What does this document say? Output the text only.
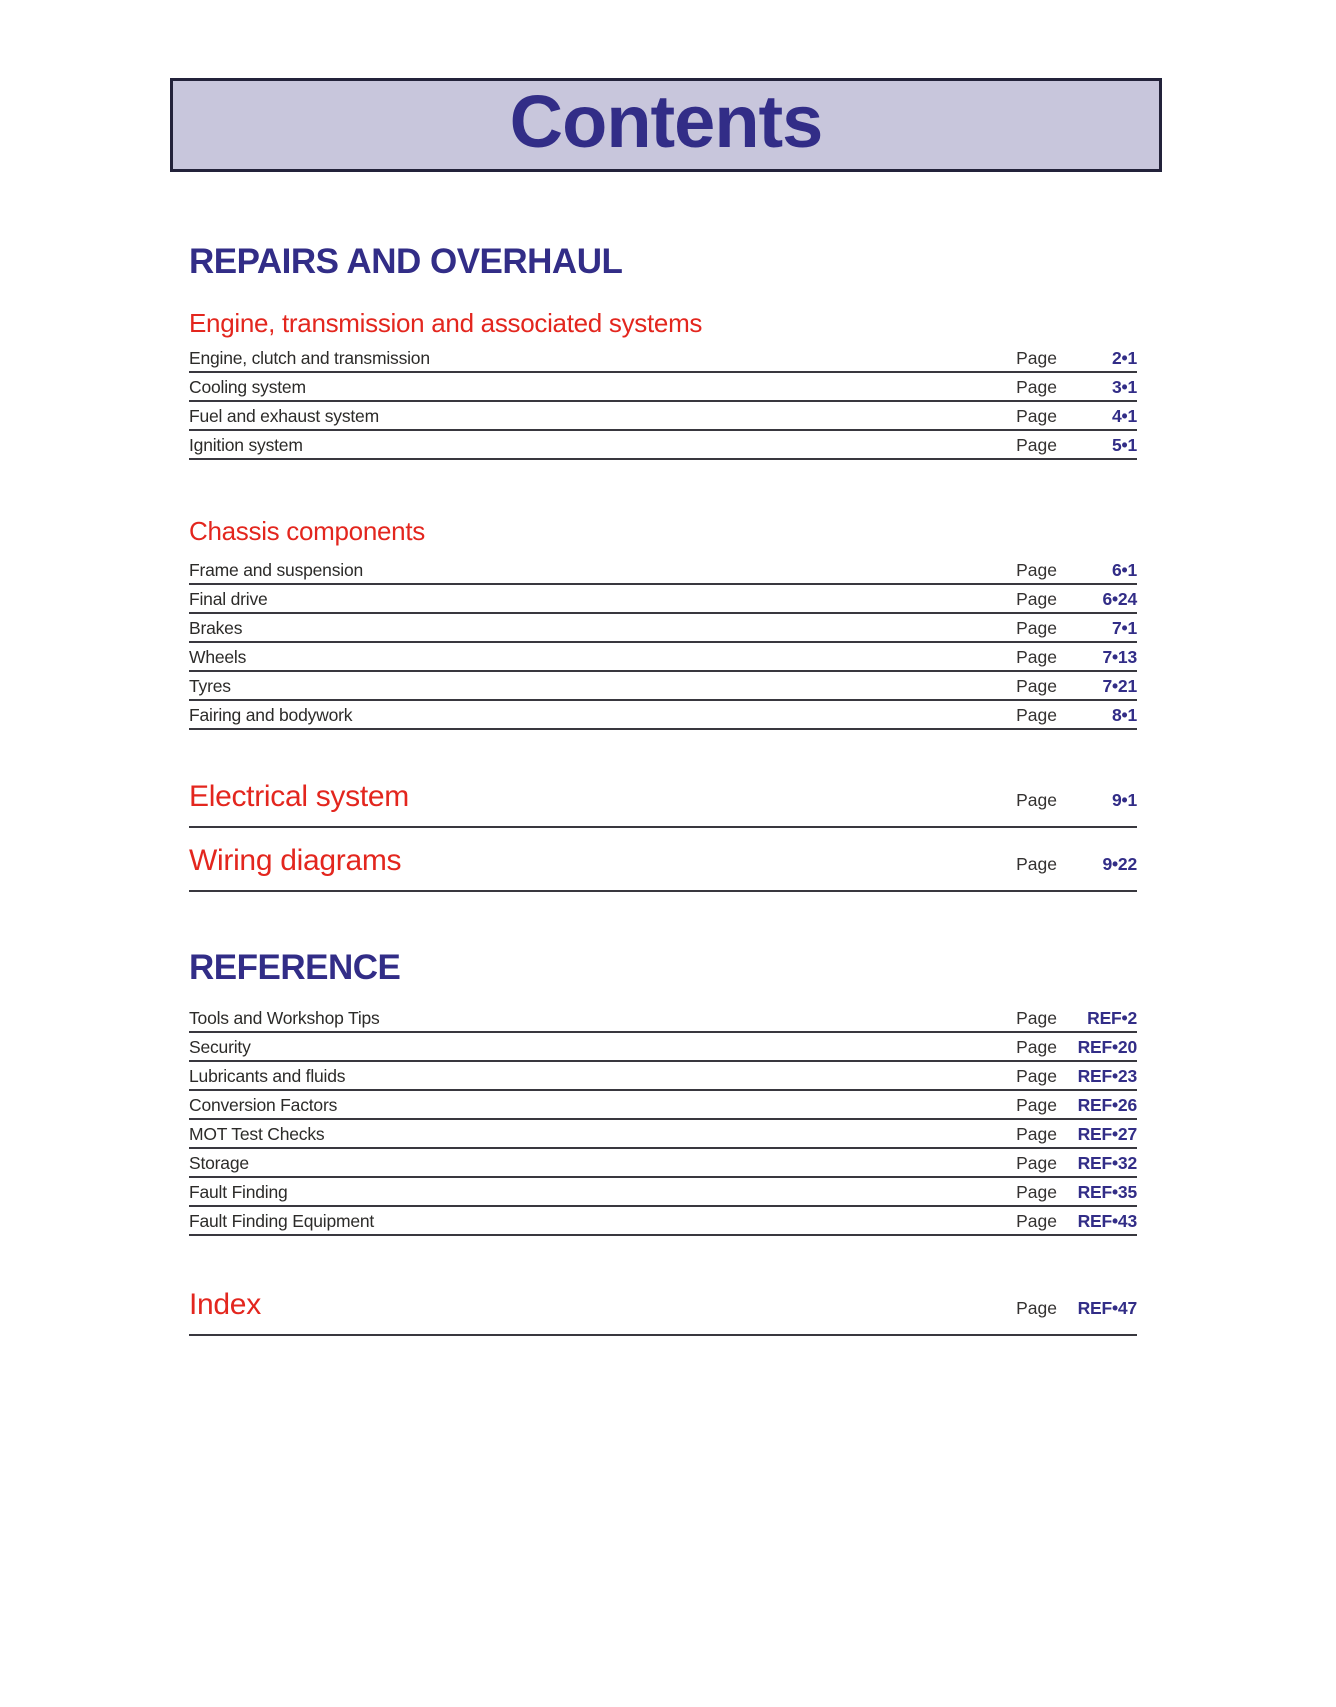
Contents
REPAIRS AND OVERHAUL
Engine, transmission and associated systems
Engine, clutch and transmission	Page	2•1
Cooling system	Page	3•1
Fuel and exhaust system	Page	4•1
Ignition system	Page	5•1
Chassis components
Frame and suspension	Page	6•1
Final drive	Page	6•24
Brakes	Page	7•1
Wheels	Page	7•13
Tyres	Page	7•21
Fairing and bodywork	Page	8•1
Electrical system	Page	9•1
Wiring diagrams	Page	9•22
REFERENCE
Tools and Workshop Tips	Page	REF•2
Security	Page	REF•20
Lubricants and fluids	Page	REF•23
Conversion Factors	Page	REF•26
MOT Test Checks	Page	REF•27
Storage	Page	REF•32
Fault Finding	Page	REF•35
Fault Finding Equipment	Page	REF•43
Index	Page	REF•47
